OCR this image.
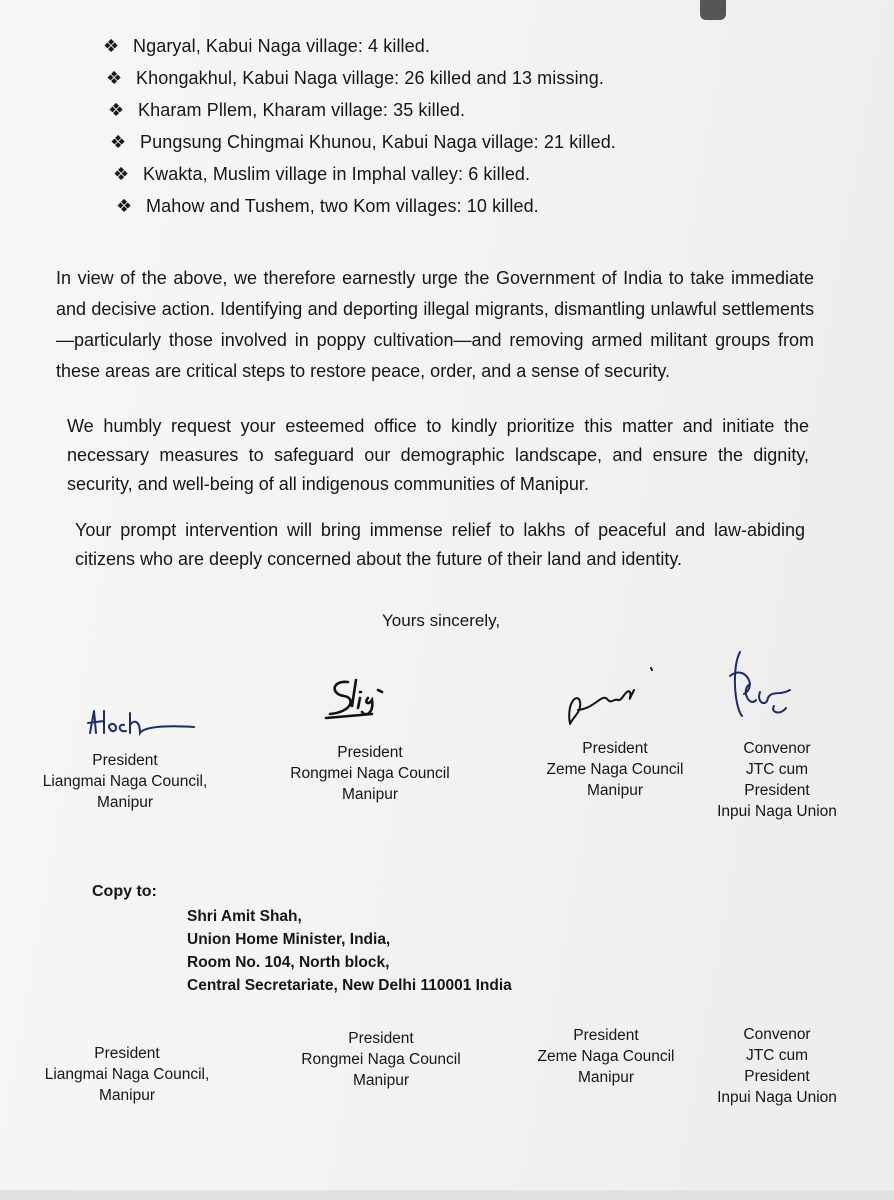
❖ Ngaryal, Kabui Naga village: 4 killed.
❖ Khongakhul, Kabui Naga village: 26 killed and 13 missing.
❖ Kharam Pllem, Kharam village: 35 killed.
❖ Pungsung Chingmai Khunou, Kabui Naga village: 21 killed.
❖ Kwakta, Muslim village in Imphal valley: 6 killed.
❖ Mahow and Tushem, two Kom villages: 10 killed.
In view of the above, we therefore earnestly urge the Government of India to take immediate and decisive action. Identifying and deporting illegal migrants, dismantling unlawful settlements—particularly those involved in poppy cultivation—and removing armed militant groups from these areas are critical steps to restore peace, order, and a sense of security.
We humbly request your esteemed office to kindly prioritize this matter and initiate the necessary measures to safeguard our demographic landscape, and ensure the dignity, security, and well-being of all indigenous communities of Manipur.
Your prompt intervention will bring immense relief to lakhs of peaceful and law-abiding citizens who are deeply concerned about the future of their land and identity.
Yours sincerely,
President
Liangmai Naga Council,
Manipur
President
Rongmei Naga Council
Manipur
President
Zeme Naga Council
Manipur
Convenor
JTC cum
President
Inpui Naga Union
Copy to:
Shri Amit Shah,
Union Home Minister, India,
Room No. 104, North block,
Central Secretariate, New Delhi 110001 India
President
Liangmai Naga Council,
Manipur
President
Rongmei Naga Council
Manipur
President
Zeme Naga Council
Manipur
Convenor
JTC cum
President
Inpui Naga Union
